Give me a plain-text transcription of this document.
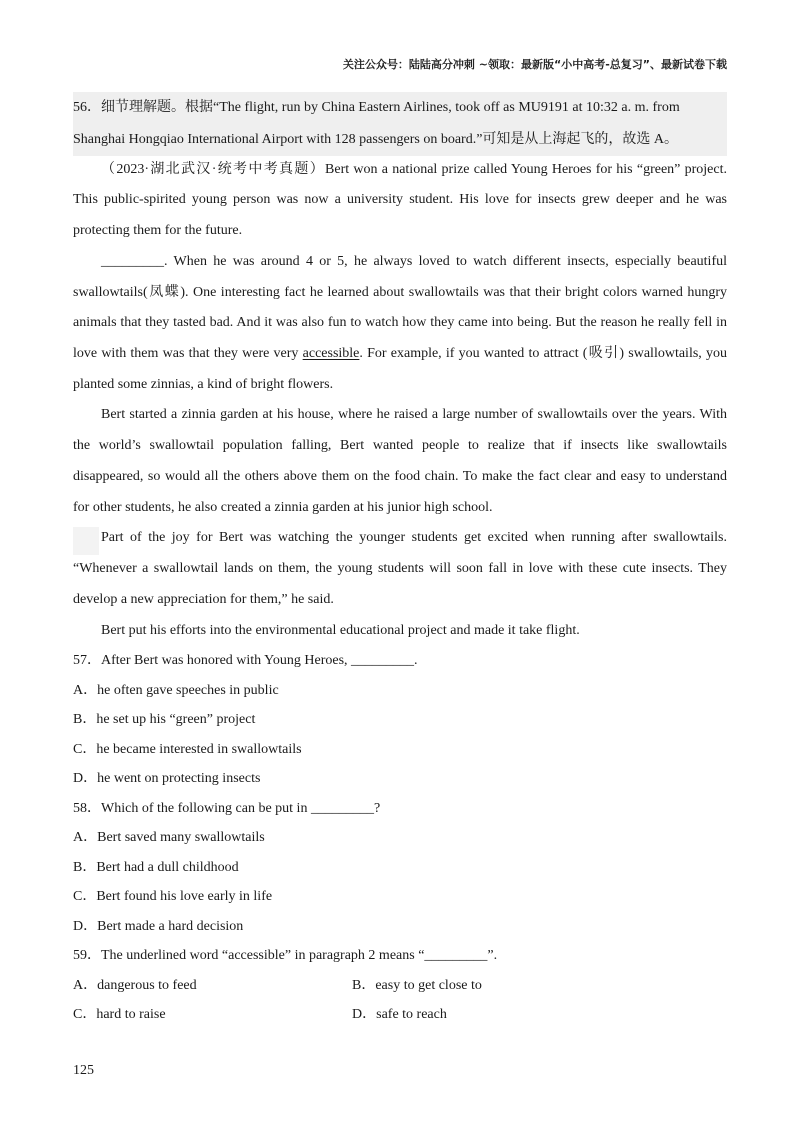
关注公众号：陆陆高分冲刺 ~领取：最新版“小中高考-总复习”、最新试卷下载
56．细节理解题。根据“The flight, run by China Eastern Airlines, took off as MU9191 at 10:32 a. m. from
Shanghai Hongqiao International Airport with 128 passengers on board.”可知是从上海起飞的，故选 A。
（2023·湖北武汉·统考中考真题）Bert won a national prize called Young Heroes for his “green” project.
This public-spirited young person was now a university student. His love for insects grew deeper and he was
protecting them for the future.
_________. When he was around 4 or 5, he always loved to watch different insects, especially beautiful
swallowtails(凤蝶). One interesting fact he learned about swallowtails was that their bright colors warned hungry
animals that they tasted bad. And it was also fun to watch how they came into being. But the reason he really fell in
love with them was that they were very accessible. For example, if you wanted to attract (吸引) swallowtails, you
planted some zinnias, a kind of bright flowers.
Bert started a zinnia garden at his house, where he raised a large number of swallowtails over the years. With
the world’s swallowtail population falling, Bert wanted people to realize that if insects like swallowtails
disappeared, so would all the others above them on the food chain. To make the fact clear and easy to understand
for other students, he also created a zinnia garden at his junior high school.
Part of the joy for Bert was watching the younger students get excited when running after swallowtails.
“Whenever a swallowtail lands on them, the young students will soon fall in love with these cute insects. They
develop a new appreciation for them,” he said.
Bert put his efforts into the environmental educational project and made it take flight.
57．After Bert was honored with Young Heroes, _________.
A．he often gave speeches in public
B．he set up his “green” project
C．he became interested in swallowtails
D．he went on protecting insects
58．Which of the following can be put in _________?
A．Bert saved many swallowtails
B．Bert had a dull childhood
C．Bert found his love early in life
D．Bert made a hard decision
59．The underlined word “accessible” in paragraph 2 means “_________”.
A．dangerous to feed	B．easy to get close to
C．hard to raise	D．safe to reach
125
